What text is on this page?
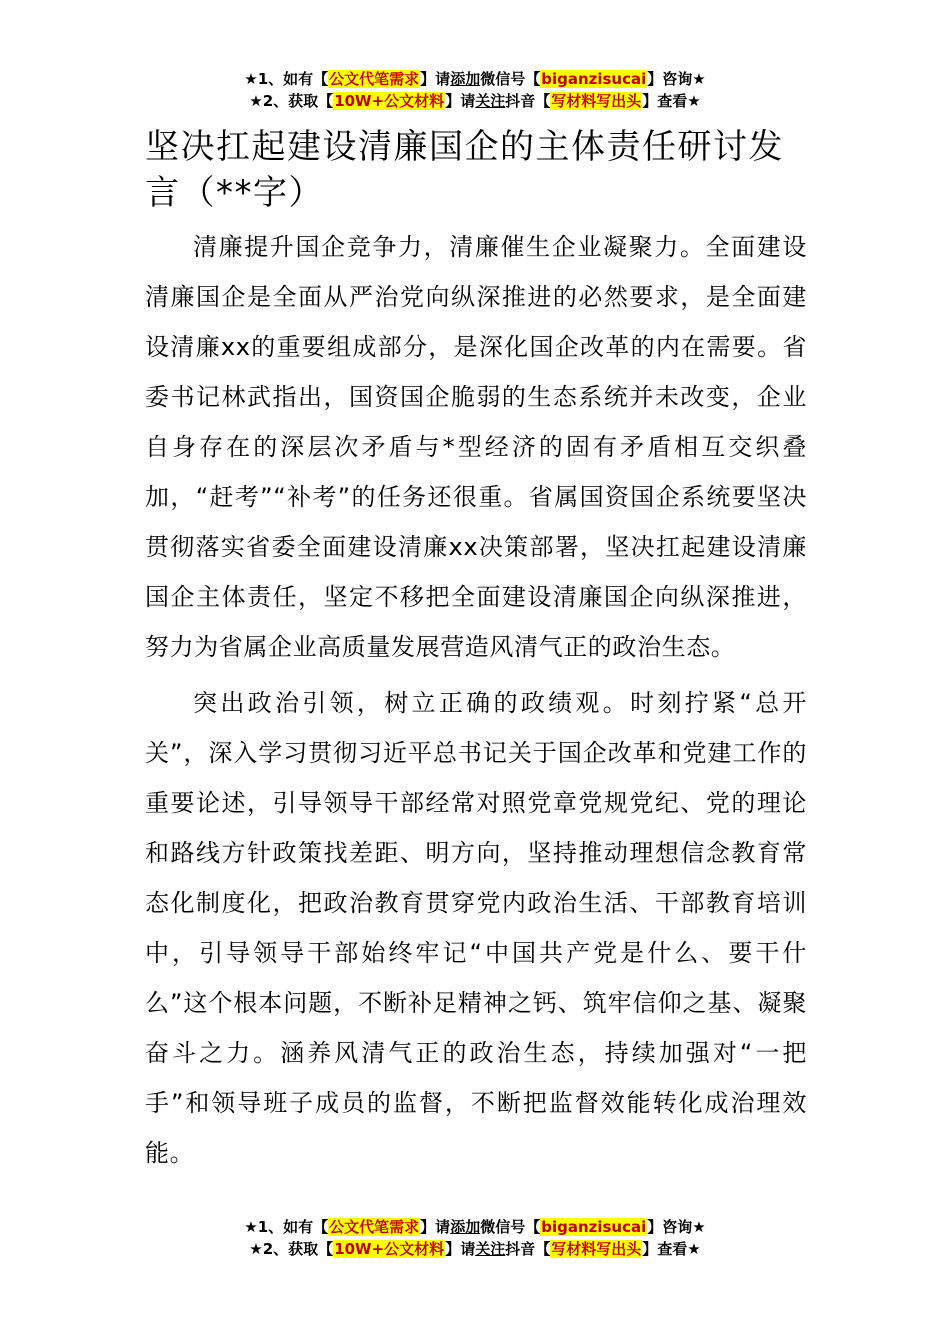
★1、如有【公文代笔需求】请添加微信号【biganzisucai】咨询★
★2、获取【10W+公文材料】请关注抖音【写材料写出头】查看★
坚决扛起建设清廉国企的主体责任研讨发言（**字）

清廉提升国企竞争力，清廉催生企业凝聚力。全面建设清廉国企是全面从严治党向纵深推进的必然要求，是全面建设清廉xx的重要组成部分，是深化国企改革的内在需要。省委书记林武指出，国资国企脆弱的生态系统并未改变，企业自身存在的深层次矛盾与*型经济的固有矛盾相互交织叠加，“赶考”“补考”的任务还很重。省属国资国企系统要坚决贯彻落实省委全面建设清廉xx决策部署，坚决扛起建设清廉国企主体责任，坚定不移把全面建设清廉国企向纵深推进，努力为省属企业高质量发展营造风清气正的政治生态。

突出政治引领，树立正确的政绩观。时刻拧紧“总开关”，深入学习贯彻习近平总书记关于国企改革和党建工作的重要论述，引导领导干部经常对照党章党规党纪、党的理论和路线方针政策找差距、明方向，坚持推动理想信念教育常态化制度化，把政治教育贯穿党内政治生活、干部教育培训中，引导领导干部始终牢记“中国共产党是什么、要干什么”这个根本问题，不断补足精神之钙、筑牢信仰之基、凝聚奋斗之力。涵养风清气正的政治生态，持续加强对“一把手”和领导班子成员的监督，不断把监督效能转化成治理效能。

★1、如有【公文代笔需求】请添加微信号【biganzisucai】咨询★
★2、获取【10W+公文材料】请关注抖音【写材料写出头】查看★
